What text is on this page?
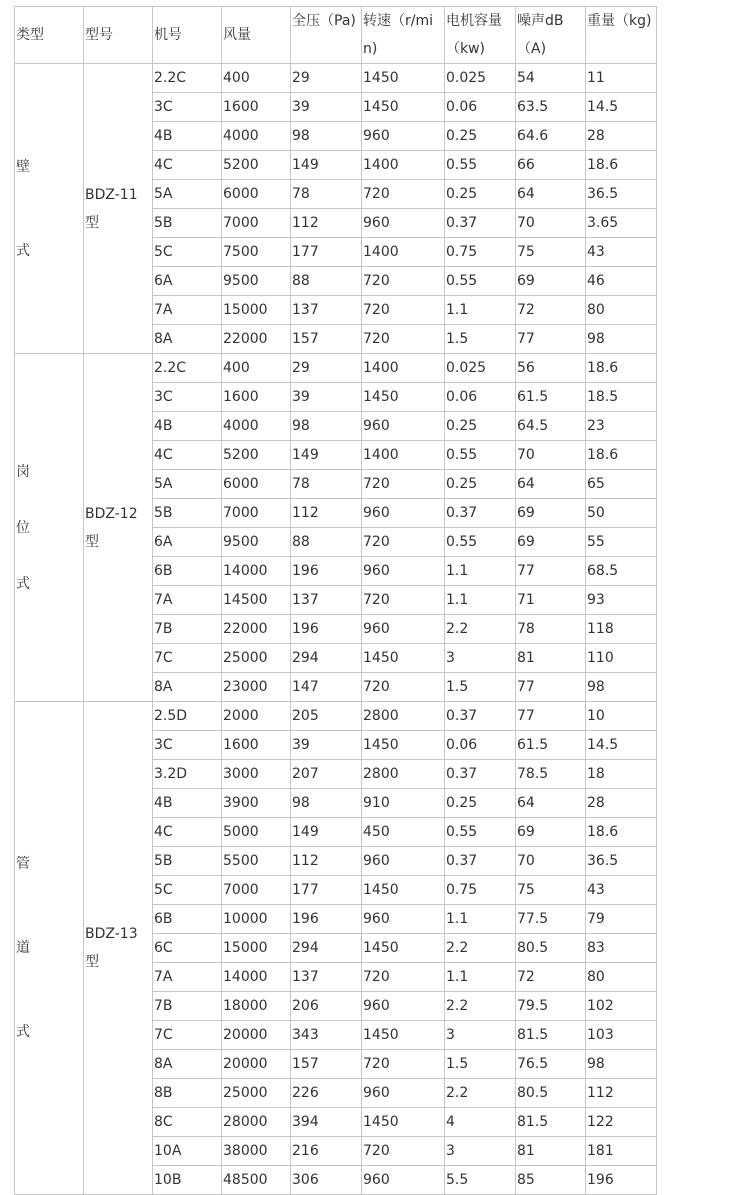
类型	型号	机号	风量	全压（Pa)	转速（r/min)	电机容量（kw)	噪声dB（A)	重量（kg)

壁

式	BDZ-11型	2.2C	400	29	1450	0.025	54	11
		3C	1600	39	1450	0.06	63.5	14.5
		4B	4000	98	960	0.25	64.6	28
		4C	5200	149	1400	0.55	66	18.6
		5A	6000	78	720	0.25	64	36.5
		5B	7000	112	960	0.37	70	3.65
		5C	7500	177	1400	0.75	75	43
		6A	9500	88	720	0.55	69	46
		7A	15000	137	720	1.1	72	80
		8A	22000	157	720	1.5	77	98

岗

位

式	BDZ-12型	2.2C	400	29	1400	0.025	56	18.6
		3C	1600	39	1450	0.06	61.5	18.5
		4B	4000	98	960	0.25	64.5	23
		4C	5200	149	1400	0.55	70	18.6
		5A	6000	78	720	0.25	64	65
		5B	7000	112	960	0.37	69	50
		6A	9500	88	720	0.55	69	55
		6B	14000	196	960	1.1	77	68.5
		7A	14500	137	720	1.1	71	93
		7B	22000	196	960	2.2	78	118
		7C	25000	294	1450	3	81	110
		8A	23000	147	720	1.5	77	98

管

道

式	BDZ-13型	2.5D	2000	205	2800	0.37	77	10
		3C	1600	39	1450	0.06	61.5	14.5
		3.2D	3000	207	2800	0.37	78.5	18
		4B	3900	98	910	0.25	64	28
		4C	5000	149	450	0.55	69	18.6
		5B	5500	112	960	0.37	70	36.5
		5C	7000	177	1450	0.75	75	43
		6B	10000	196	960	1.1	77.5	79
		6C	15000	294	1450	2.2	80.5	83
		7A	14000	137	720	1.1	72	80
		7B	18000	206	960	2.2	79.5	102
		7C	20000	343	1450	3	81.5	103
		8A	20000	157	720	1.5	76.5	98
		8B	25000	226	960	2.2	80.5	112
		8C	28000	394	1450	4	81.5	122
		10A	38000	216	720	3	81	181
		10B	48500	306	960	5.5	85	196
